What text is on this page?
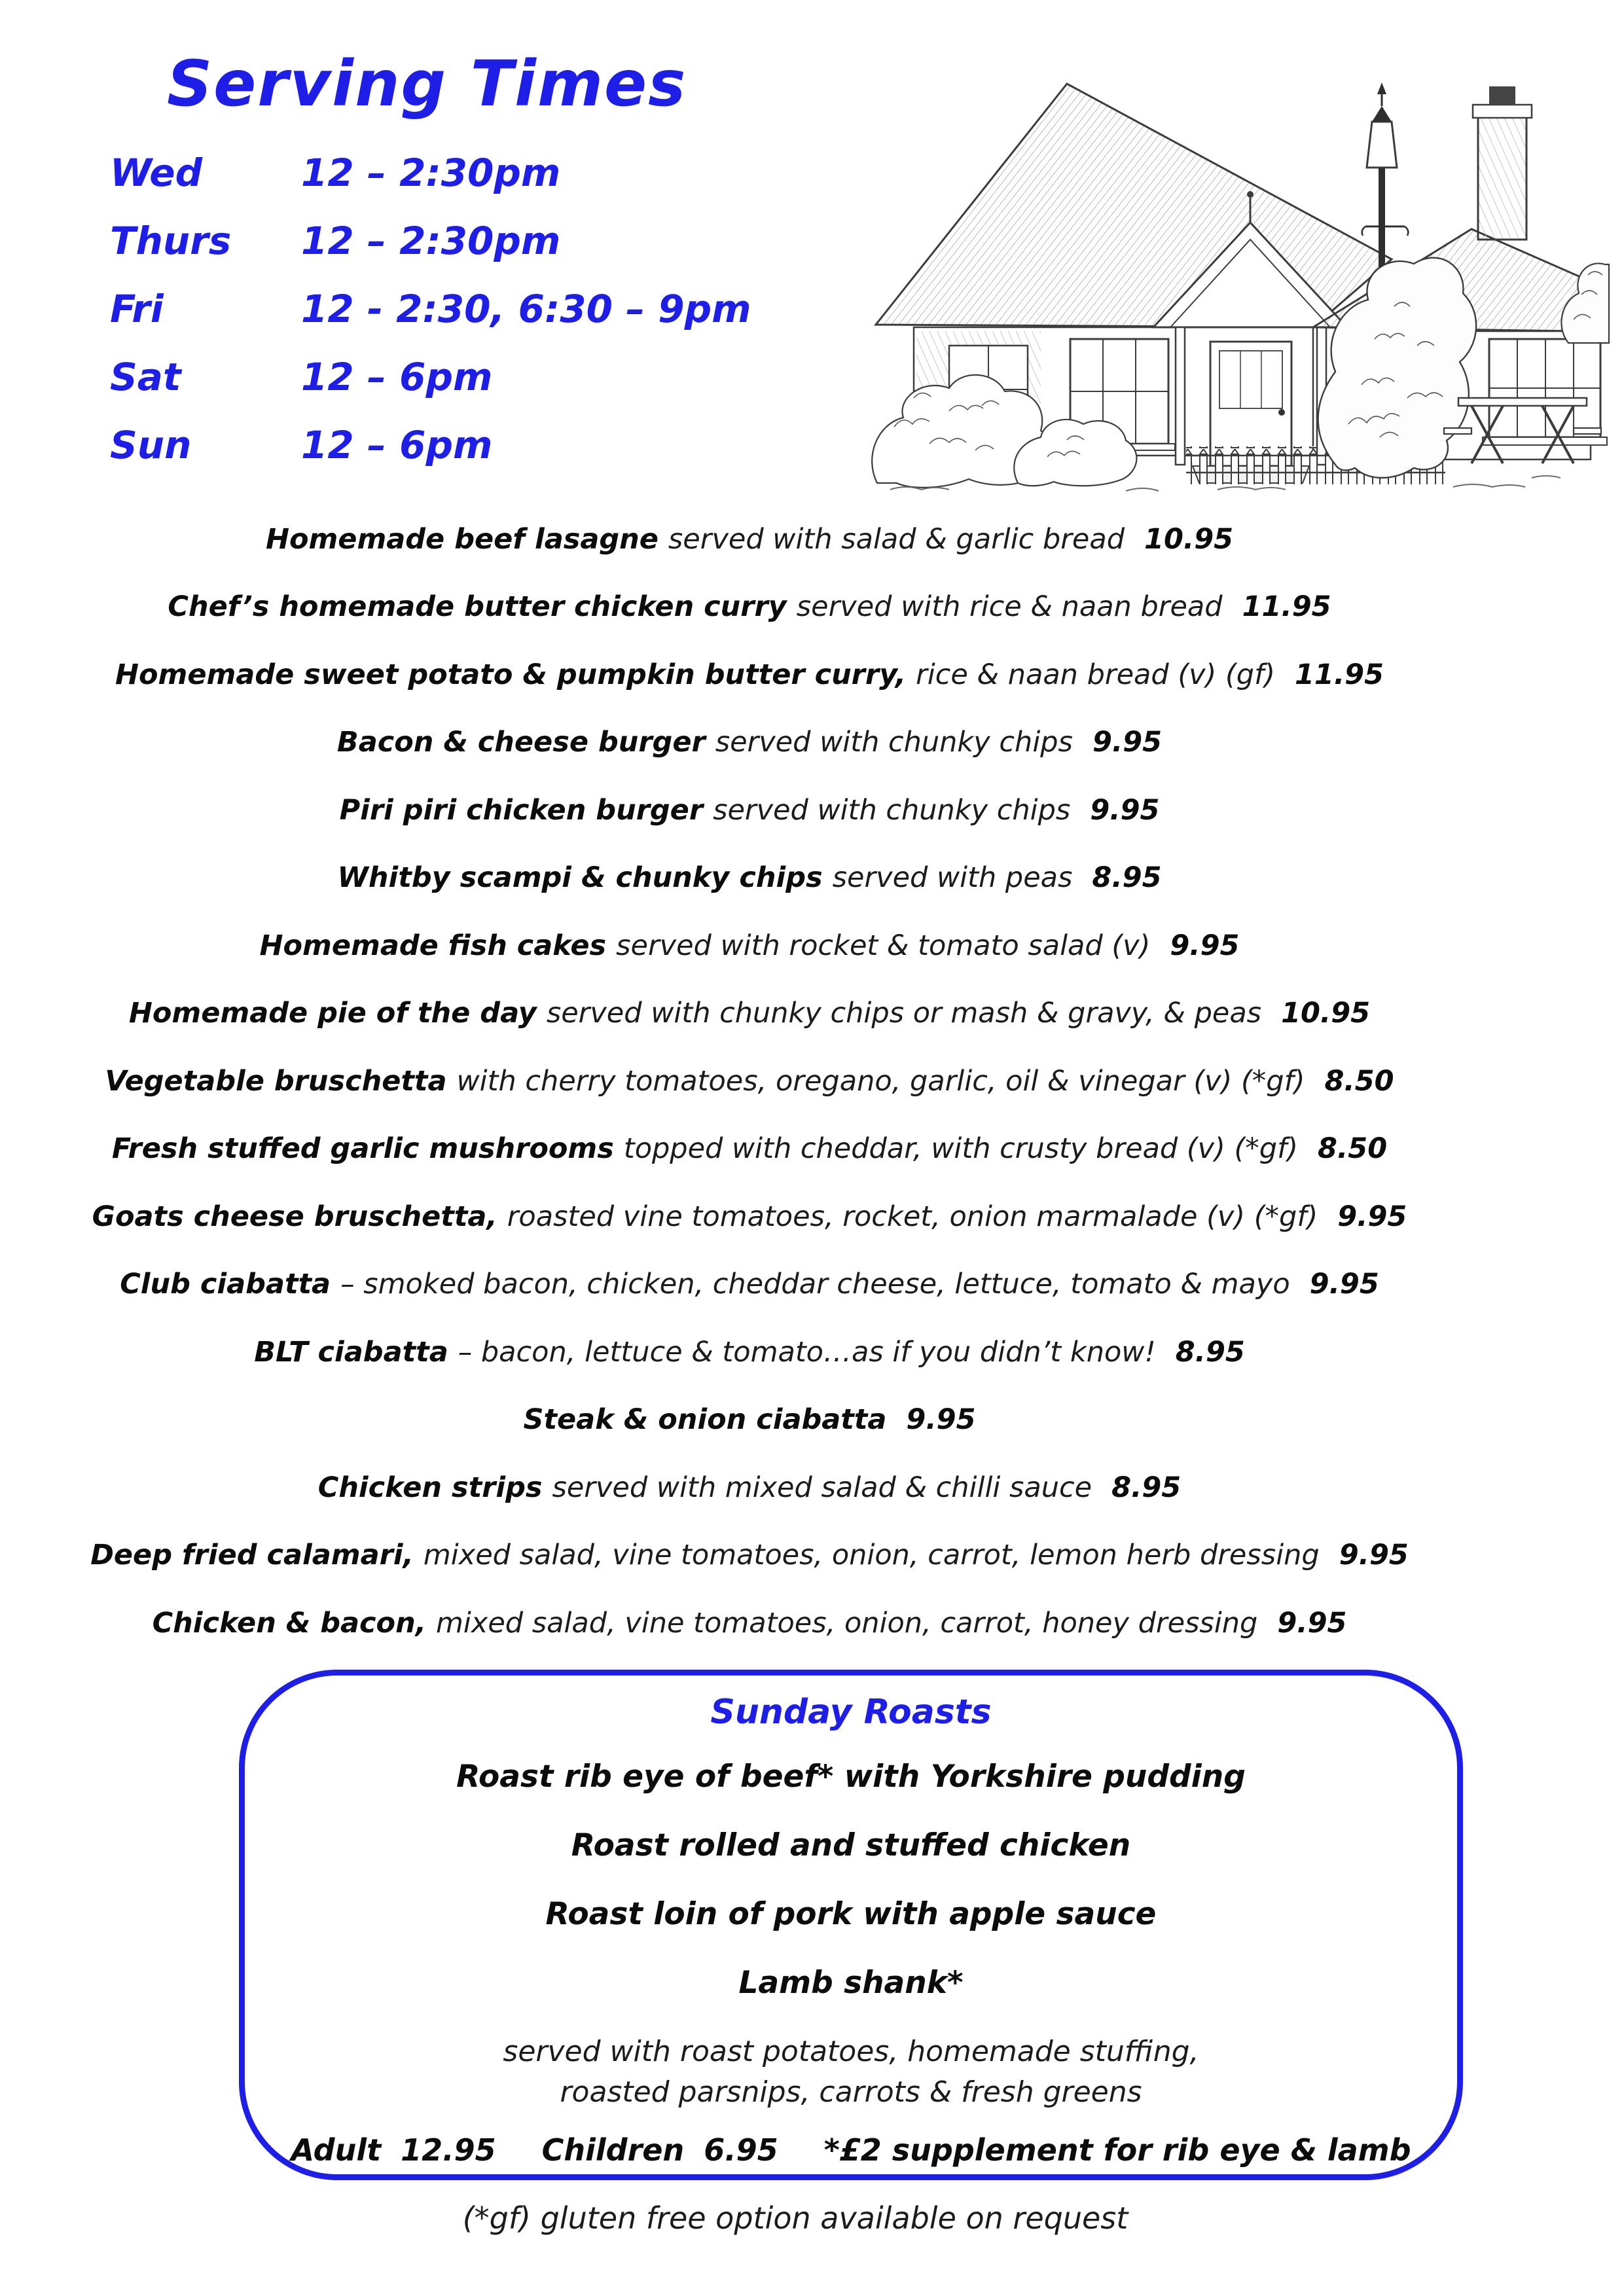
Serving Times
Wed	12 – 2:30pm
Thurs	12 – 2:30pm
Fri	12 - 2:30, 6:30 – 9pm
Sat	12 – 6pm
Sun	12 – 6pm
Homemade beef lasagne served with salad & garlic bread 10.95
Chef’s homemade butter chicken curry served with rice & naan bread 11.95
Homemade sweet potato & pumpkin butter curry, rice & naan bread (v) (gf) 11.95
Bacon & cheese burger served with chunky chips 9.95
Piri piri chicken burger served with chunky chips 9.95
Whitby scampi & chunky chips served with peas 8.95
Homemade fish cakes served with rocket & tomato salad (v) 9.95
Homemade pie of the day served with chunky chips or mash & gravy, & peas 10.95
Vegetable bruschetta with cherry tomatoes, oregano, garlic, oil & vinegar (v) (*gf) 8.50
Fresh stuffed garlic mushrooms topped with cheddar, with crusty bread (v) (*gf) 8.50
Goats cheese bruschetta, roasted vine tomatoes, rocket, onion marmalade (v) (*gf) 9.95
Club ciabatta – smoked bacon, chicken, cheddar cheese, lettuce, tomato & mayo 9.95
BLT ciabatta – bacon, lettuce & tomato…as if you didn’t know! 8.95
Steak & onion ciabatta 9.95
Chicken strips served with mixed salad & chilli sauce 8.95
Deep fried calamari, mixed salad, vine tomatoes, onion, carrot, lemon herb dressing 9.95
Chicken & bacon, mixed salad, vine tomatoes, onion, carrot, honey dressing 9.95
Sunday Roasts
Roast rib eye of beef* with Yorkshire pudding
Roast rolled and stuffed chicken
Roast loin of pork with apple sauce
Lamb shank*
served with roast potatoes, homemade stuffing,
roasted parsnips, carrots & fresh greens
Adult 12.95 Children 6.95 *£2 supplement for rib eye & lamb
(*gf) gluten free option available on request
